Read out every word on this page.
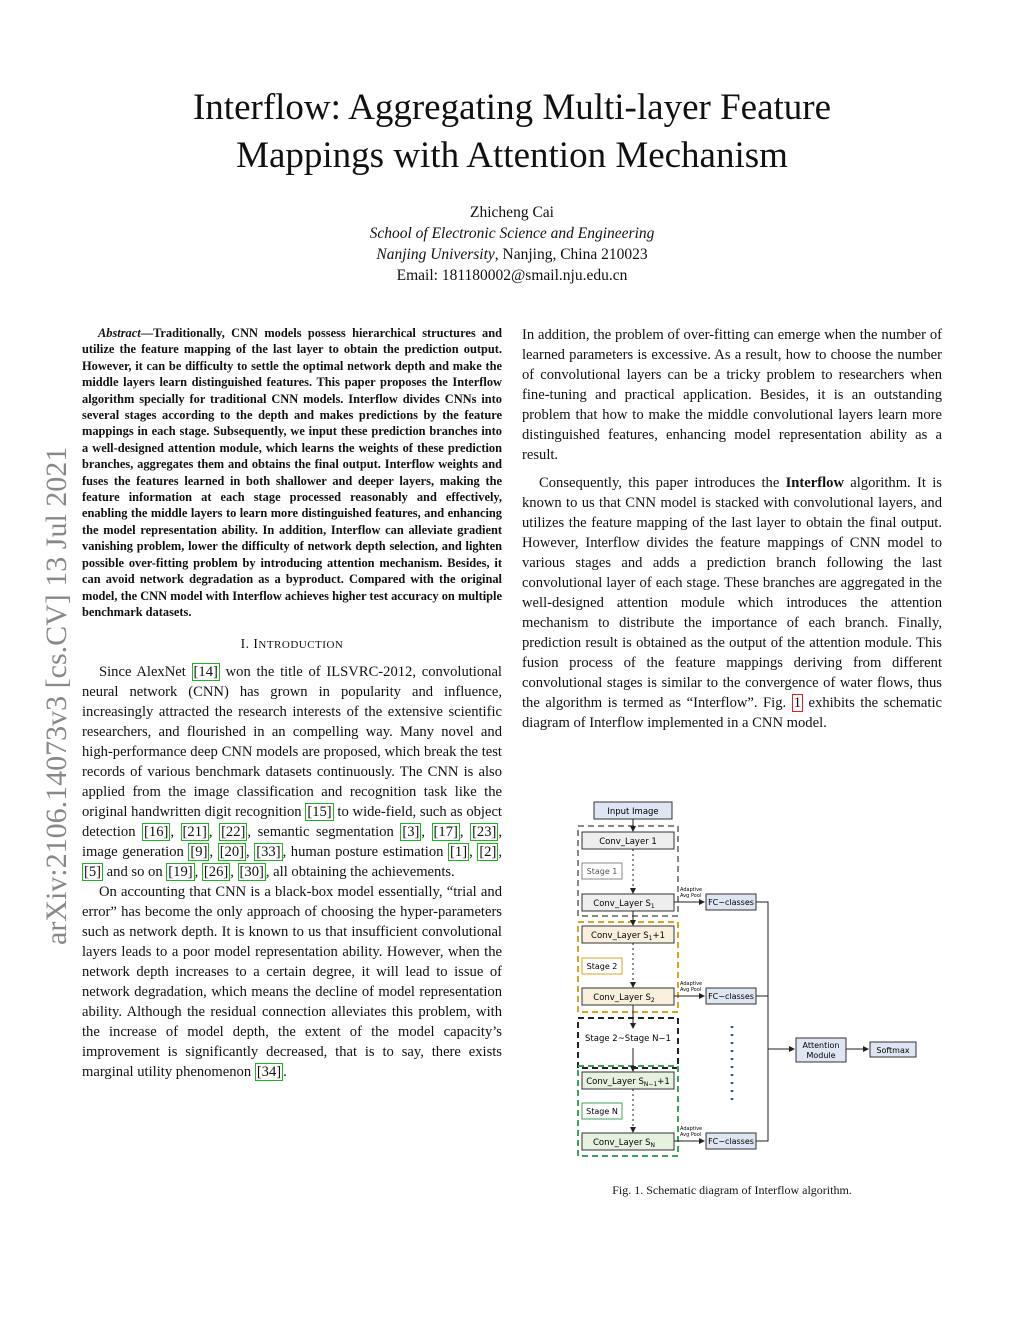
arXiv:2106.14073v3 [cs.CV] 13 Jul 2021
Interflow: Aggregating Multi-layer Feature
Mappings with Attention Mechanism
Zhicheng Cai
School of Electronic Science and Engineering
Nanjing University, Nanjing, China 210023
Email: 181180002@smail.nju.edu.cn

Abstract—Traditionally, CNN models possess hierarchical structures and utilize the feature mapping of the last layer to obtain the prediction output. However, it can be difficulty to settle the optimal network depth and make the middle layers learn distinguished features. This paper proposes the Interflow algorithm specially for traditional CNN models. Interflow divides CNNs into several stages according to the depth and makes predictions by the feature mappings in each stage. Subsequently, we input these prediction branches into a well-designed attention module, which learns the weights of these prediction branches, aggregates them and obtains the final output. Interflow weights and fuses the features learned in both shallower and deeper layers, making the feature information at each stage processed reasonably and effectively, enabling the middle layers to learn more distinguished features, and enhancing the model representation ability. In addition, Interflow can alleviate gradient vanishing problem, lower the difficulty of network depth selection, and lighten possible over-fitting problem by introducing attention mechanism. Besides, it can avoid network degradation as a byproduct. Compared with the original model, the CNN model with Interflow achieves higher test accuracy on multiple benchmark datasets.

I. INTRODUCTION

Since AlexNet [14] won the title of ILSVRC-2012, convolutional neural network (CNN) has grown in popularity and influence, increasingly attracted the research interests of the extensive scientific researchers, and flourished in an compelling way. Many novel and high-performance deep CNN models are proposed, which break the test records of various benchmark datasets continuously. The CNN is also applied from the image classification and recognition task like the original handwritten digit recognition [15] to wide-field, such as object detection [16] , [21] , [22] , semantic segmentation [3] , [17] , [23] , image generation [9] , [20] , [33] , human posture estimation [1] , [2] , [5] and so on [19] , [26] , [30] , all obtaining the achievements.

On accounting that CNN is a black-box model essentially, “trial and error” has become the only approach of choosing the hyper-parameters such as network depth. It is known to us that insufficient convolutional layers leads to a poor model representation ability. However, when the network depth increases to a certain degree, it will lead to issue of network degradation, which means the decline of model representation ability. Although the residual connection alleviates this problem, with the increase of model depth, the extent of the model capacity’s improvement is significantly decreased, that is to say, there exists marginal utility phenomenon [34] .

In addition, the problem of over-fitting can emerge when the number of learned parameters is excessive. As a result, how to choose the number of convolutional layers can be a tricky problem to researchers when fine-tuning and practical application. Besides, it is an outstanding problem that how to make the middle convolutional layers learn more distinguished features, enhancing model representation ability as a result.

Consequently, this paper introduces the Interflow algorithm. It is known to us that CNN model is stacked with convolutional layers, and utilizes the feature mapping of the last layer to obtain the final output. However, Interflow divides the feature mappings of CNN model to various stages and adds a prediction branch following the last convolutional layer of each stage. These branches are aggregated in the well-designed attention module which introduces the attention mechanism to distribute the importance of each branch. Finally, prediction result is obtained as the output of the attention module. This fusion process of the feature mappings deriving from different convolutional stages is similar to the convergence of water flows, thus the algorithm is termed as “Interflow”. Fig. 1 exhibits the schematic diagram of Interflow implemented in a CNN model.

Input Image
Conv_Layer 1
Stage 1
Conv_Layer $S_1$
Conv_Layer $S_1+1$
Stage 2
Conv_Layer $S_2$
Stage 2~Stage N−1
Conv_Layer $S_{N-1}+1$
Stage N
Conv_Layer $S_N$
Adaptive
Avg Pool
Adaptive
Avg Pool
Adaptive
Avg Pool
FC−classes
FC−classes
FC−classes
Attention
Module
Softmax
Fig. 1. Schematic diagram of Interflow algorithm.
